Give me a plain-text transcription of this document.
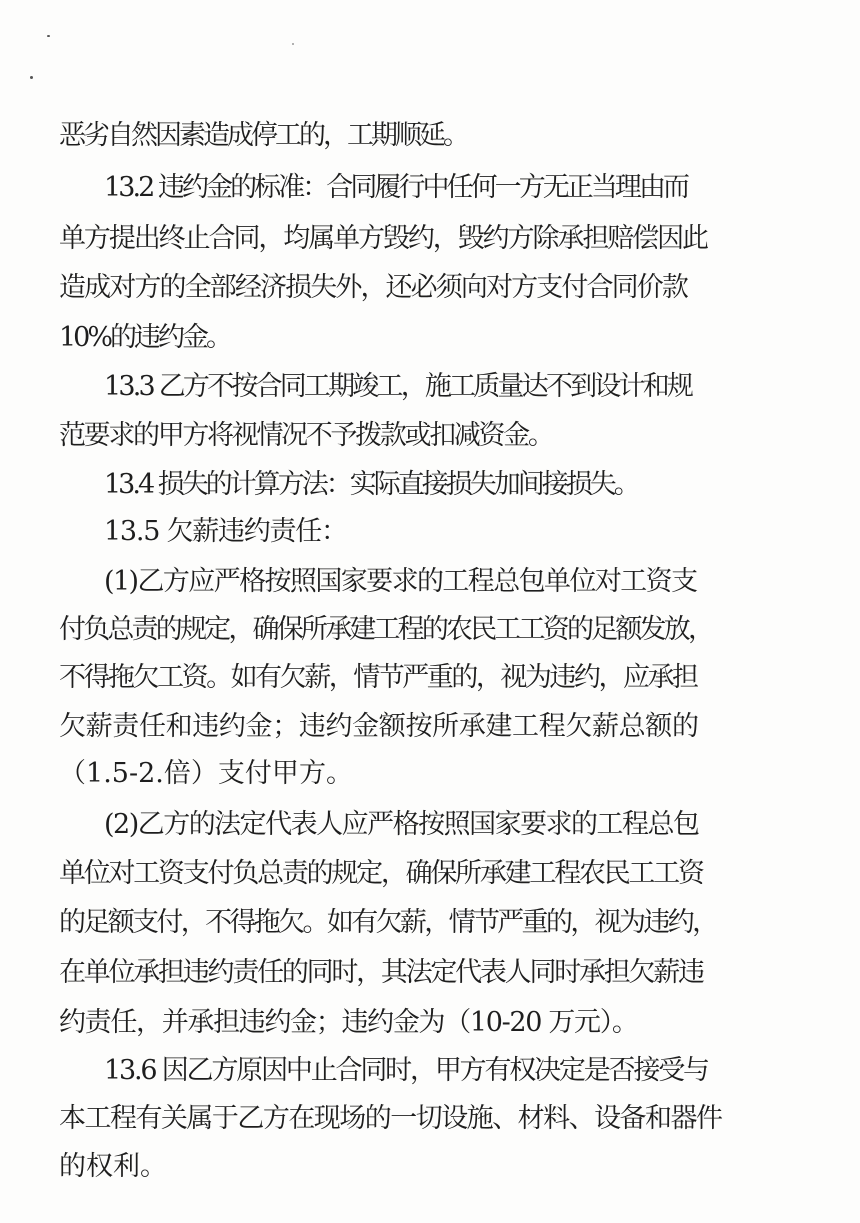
恶劣自然因素造成停工的，工期顺延。

13.2 违约金的标准：合同履行中任何一方无正当理由而

单方提出终止合同，均属单方毁约，毁约方除承担赔偿因此

造成对方的全部经济损失外，还必须向对方支付合同价款

10%的违约金。

13.3 乙方不按合同工期竣工，施工质量达不到设计和规

范要求的甲方将视情况不予拨款或扣减资金。

13.4 损失的计算方法：实际直接损失加间接损失。

13.5 欠薪违约责任：

(1)乙方应严格按照国家要求的工程总包单位对工资支

付负总责的规定，确保所承建工程的农民工工资的足额发放，

不得拖欠工资。如有欠薪，情节严重的，视为违约，应承担

欠薪责任和违约金；违约金额按所承建工程欠薪总额的

（1.5-2.倍）支付甲方。

(2)乙方的法定代表人应严格按照国家要求的工程总包

单位对工资支付负总责的规定，确保所承建工程农民工工资

的足额支付，不得拖欠。如有欠薪，情节严重的，视为违约，

在单位承担违约责任的同时，其法定代表人同时承担欠薪违

约责任，并承担违约金；违约金为（10-20 万元）。

13.6 因乙方原因中止合同时，甲方有权决定是否接受与

本工程有关属于乙方在现场的一切设施、材料、设备和器件

的权利。
